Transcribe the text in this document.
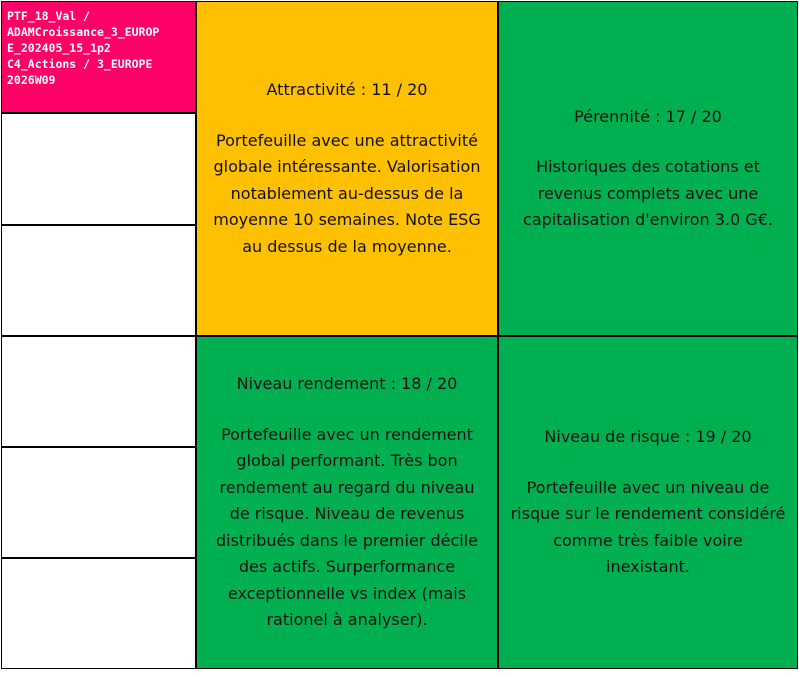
PTF_18_Val /
ADAMCroissance_3_EUROP
E_202405_15_1p2
C4_Actions / 3_EUROPE
2026W09	Attractivité : 11 / 20
Portefeuille avec une attractivité globale intéressante. Valorisation notablement au-dessus de la moyenne 10 semaines. Note ESG au dessus de la moyenne.
Pérennité : 17 / 20
Historiques des cotations et revenus complets avec une capitalisation d'environ 3.0 G€.
Niveau rendement : 18 / 20
Portefeuille avec un rendement global performant. Très bon rendement au regard du niveau de risque. Niveau de revenus distribués dans le premier décile des actifs. Surperformance exceptionnelle vs index (mais rationel à analyser).
Niveau de risque : 19 / 20
Portefeuille avec un niveau de risque sur le rendement considéré comme très faible voire inexistant.
